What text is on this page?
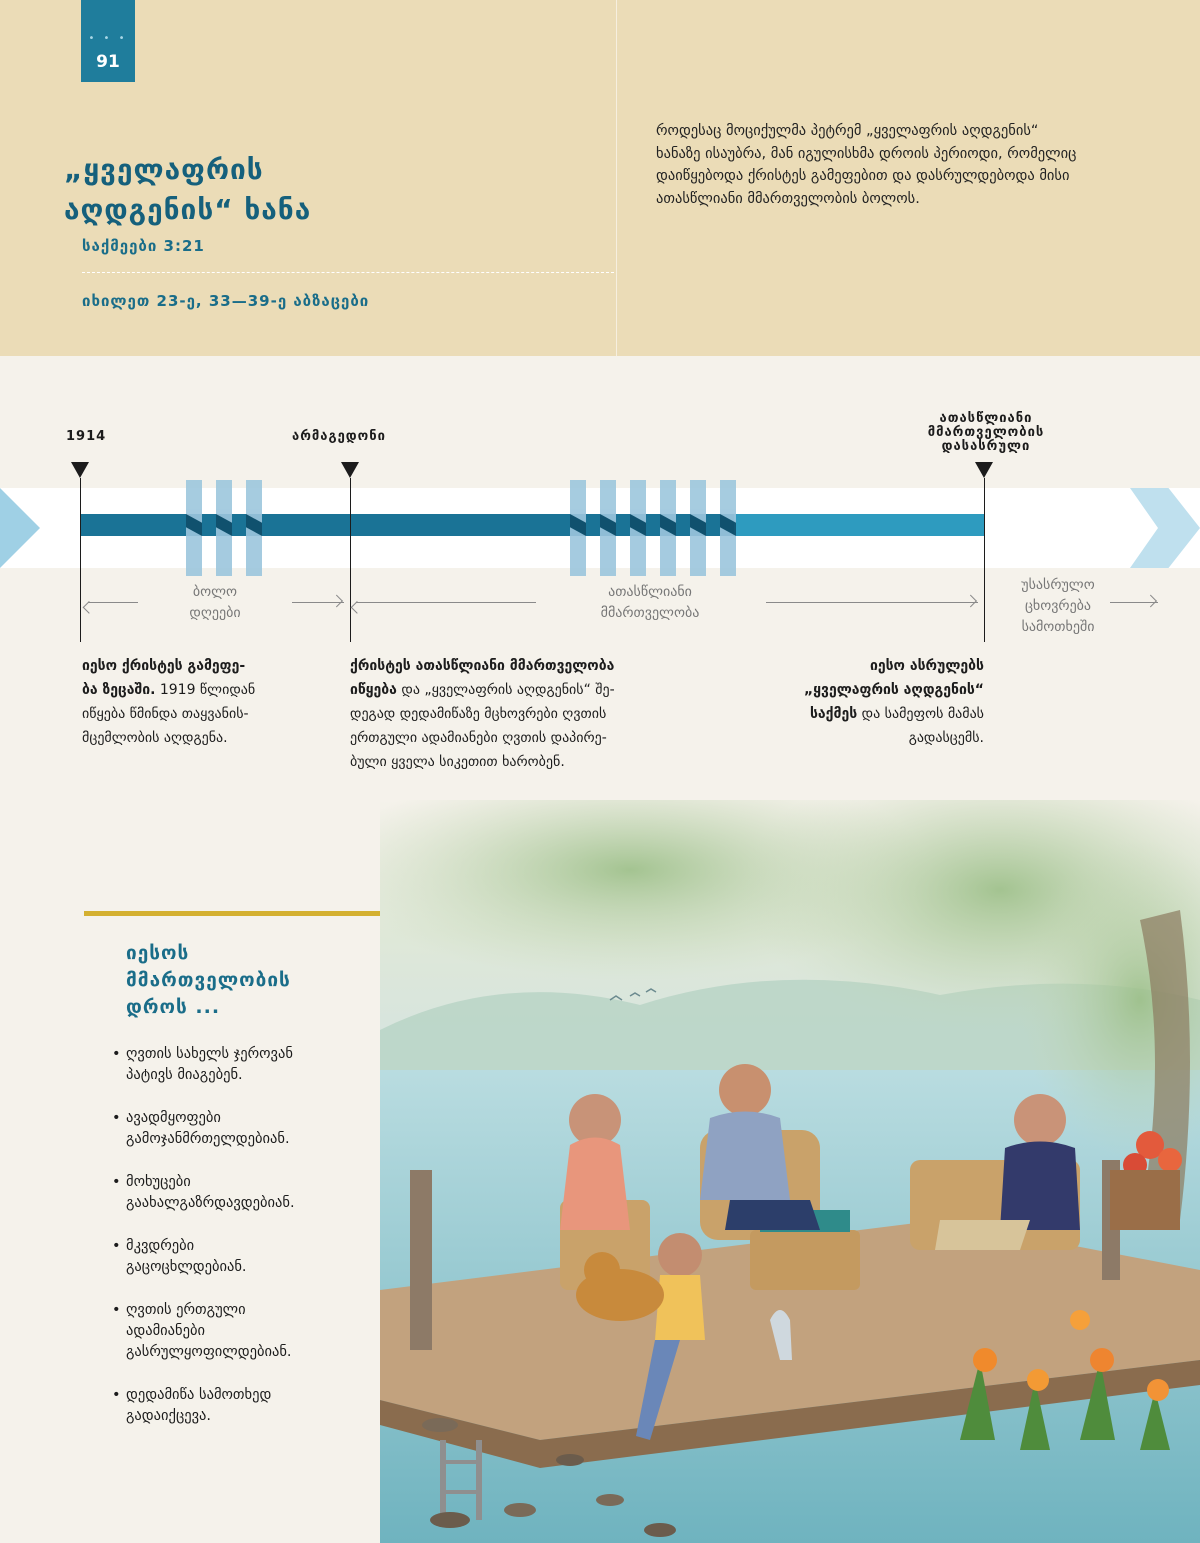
• • •
91
„ყველაფრის
აღდგენის“ ხანა
საქმეები 3:21
იხილეთ 23-ე, 33—39-ე აბზაცები
როდესაც მოციქულმა პეტრემ „ყველაფრის აღდგენის“ ხანაზე ისაუბრა, მან იგულისხმა დროის პერიოდი, რომელიც დაიწყებოდა ქრისტეს გამეფებით და დასრულდებოდა მისი ათასწლიანი მმართველობის ბოლოს.
1914	არმაგედონი
ათასწლიანი
მმართველობის
დასასრული
ბოლო
დღეები
ათასწლიანი
მმართველობა
უსასრულო
ცხოვრება
სამოთხეში
იესო ქრისტეს გამეფე-
ბა ზეცაში. 1919 წლიდან
იწყება წმინდა თაყვანის-
მცემლობის აღდგენა.
ქრისტეს ათასწლიანი მმართველობა
იწყება და „ყველაფრის აღდგენის“ შე-
დეგად დედამიწაზე მცხოვრები ღვთის
ერთგული ადამიანები ღვთის დაპირე-
ბული ყველა სიკეთით ხარობენ.
იესო ასრულებს
„ყველაფრის აღდგენის“
საქმეს და სამეფოს მამას
გადასცემს.
იესოს
მმართველობის
დროს ...
• ღვთის სახელს ჯეროვან
პატივს მიაგებენ.
• ავადმყოფები
გამოჯანმრთელდებიან.
• მოხუცები
გაახალგაზრდავდებიან.
• მკვდრები
გაცოცხლდებიან.
• ღვთის ერთგული
ადამიანები
გასრულყოფილდებიან.
• დედამიწა სამოთხედ
გადაიქცევა.
